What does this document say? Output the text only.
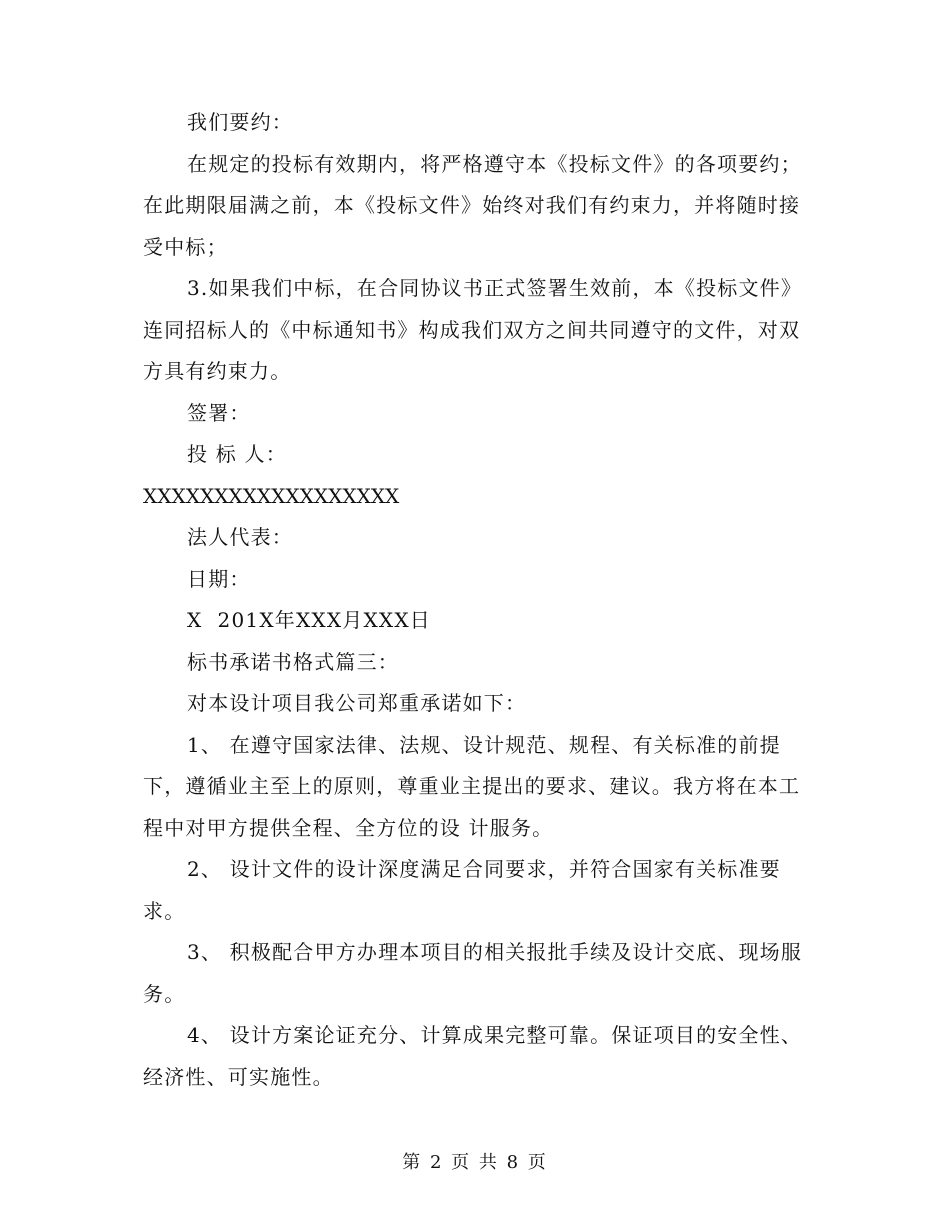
我们要约：

在规定的投标有效期内，将严格遵守本《投标文件》的各项要约；在此期限届满之前，本《投标文件》始终对我们有约束力，并将随时接受中标；

3.如果我们中标，在合同协议书正式签署生效前，本《投标文件》连同招标人的《中标通知书》构成我们双方之间共同遵守的文件，对双方具有约束力。

签署：

投 标 人：

XXXXXXXXXXXXXXXXXX

法人代表：

日期：

X  201X年XXX月XXX日

标书承诺书格式篇三：

对本设计项目我公司郑重承诺如下：

1、 在遵守国家法律、法规、设计规范、规程、有关标准的前提下，遵循业主至上的原则，尊重业主提出的要求、建议。我方将在本工程中对甲方提供全程、全方位的设 计服务。

2、 设计文件的设计深度满足合同要求，并符合国家有关标准要求。

3、 积极配合甲方办理本项目的相关报批手续及设计交底、现场服务。

4、 设计方案论证充分、计算成果完整可靠。保证项目的安全性、经济性、可实施性。

第 2 页 共 8 页
